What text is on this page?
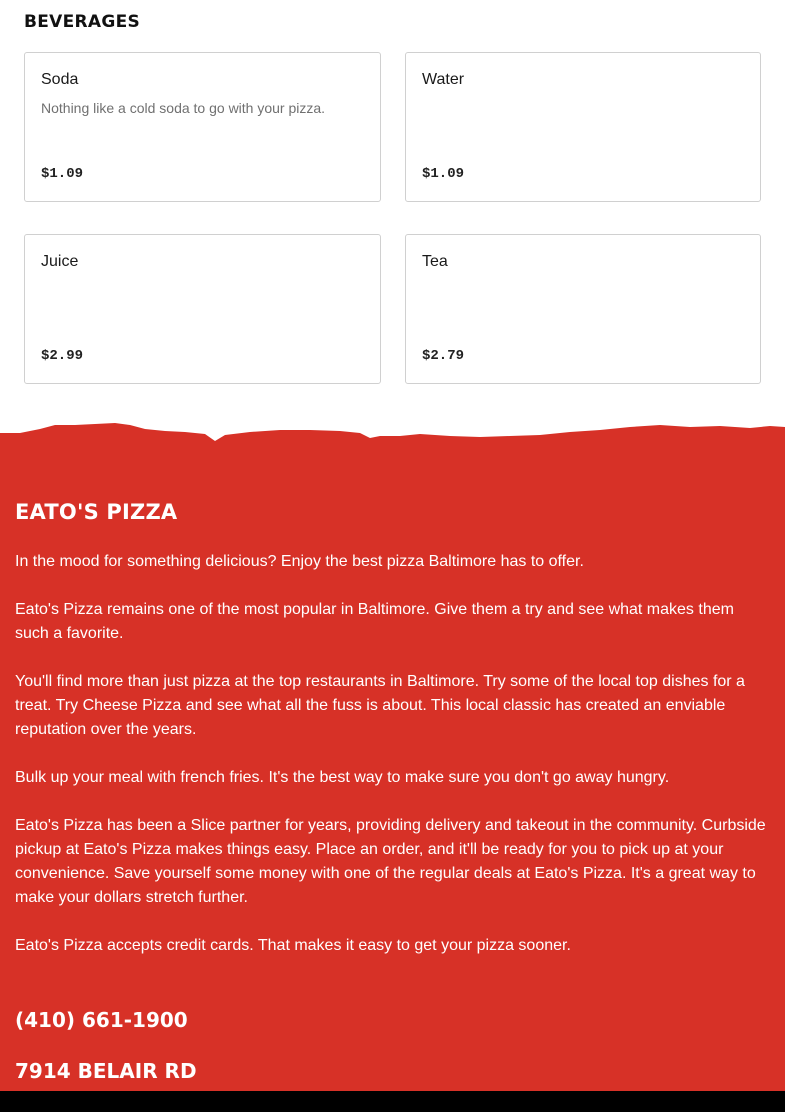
BEVERAGES
Soda
Nothing like a cold soda to go with your pizza.
$1.09
Water
$1.09
Juice
$2.99
Tea
$2.79
EATO'S PIZZA

In the mood for something delicious? Enjoy the best pizza Baltimore has to offer.

Eato's Pizza remains one of the most popular in Baltimore. Give them a try and see what makes them such a favorite.

You'll find more than just pizza at the top restaurants in Baltimore. Try some of the local top dishes for a treat. Try Cheese Pizza and see what all the fuss is about. This local classic has created an enviable reputation over the years.

Bulk up your meal with french fries. It's the best way to make sure you don't go away hungry.

Eato's Pizza has been a Slice partner for years, providing delivery and takeout in the community. Curbside pickup at Eato's Pizza makes things easy. Place an order, and it'll be ready for you to pick up at your convenience. Save yourself some money with one of the regular deals at Eato's Pizza. It's a great way to make your dollars stretch further.

Eato's Pizza accepts credit cards. That makes it easy to get your pizza sooner.

(410) 661-1900
7914 BELAIR RD
